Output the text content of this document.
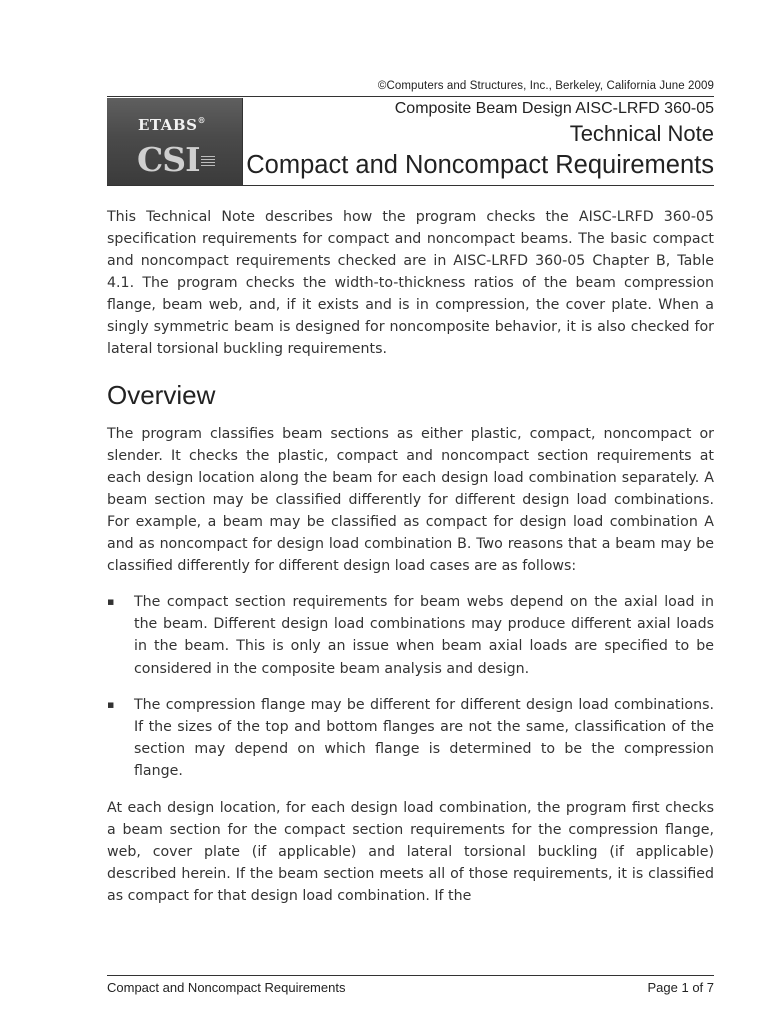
©Computers and Structures, Inc., Berkeley, California June 2009
ETABS®
CSI
Composite Beam Design AISC-LRFD 360-05
Technical Note
Compact and Noncompact Requirements

This Technical Note describes how the program checks the AISC-LRFD 360-05 specification requirements for compact and noncompact beams. The basic compact and noncompact requirements checked are in AISC-LRFD 360-05 Chapter B, Table 4.1. The program checks the width-to-thickness ratios of the beam compression flange, beam web, and, if it exists and is in compression, the cover plate. When a singly symmetric beam is designed for noncomposite behavior, it is also checked for lateral torsional buckling requirements.

Overview

The program classifies beam sections as either plastic, compact, noncompact or slender. It checks the plastic, compact and noncompact section requirements at each design location along the beam for each design load combination separately. A beam section may be classified differently for different design load combinations. For example, a beam may be classified as compact for design load combination A and as noncompact for design load combination B. Two reasons that a beam may be classified differently for different design load cases are as follows:

▪ The compact section requirements for beam webs depend on the axial load in the beam. Different design load combinations may produce different axial loads in the beam. This is only an issue when beam axial loads are specified to be considered in the composite beam analysis and design.
▪ The compression flange may be different for different design load combinations. If the sizes of the top and bottom flanges are not the same, classification of the section may depend on which flange is determined to be the compression flange.

At each design location, for each design load combination, the program first checks a beam section for the compact section requirements for the compression flange, web, cover plate (if applicable) and lateral torsional buckling (if applicable) described herein. If the beam section meets all of those requirements, it is classified as compact for that design load combination. If the

Compact and Noncompact Requirements	Page 1 of 7
